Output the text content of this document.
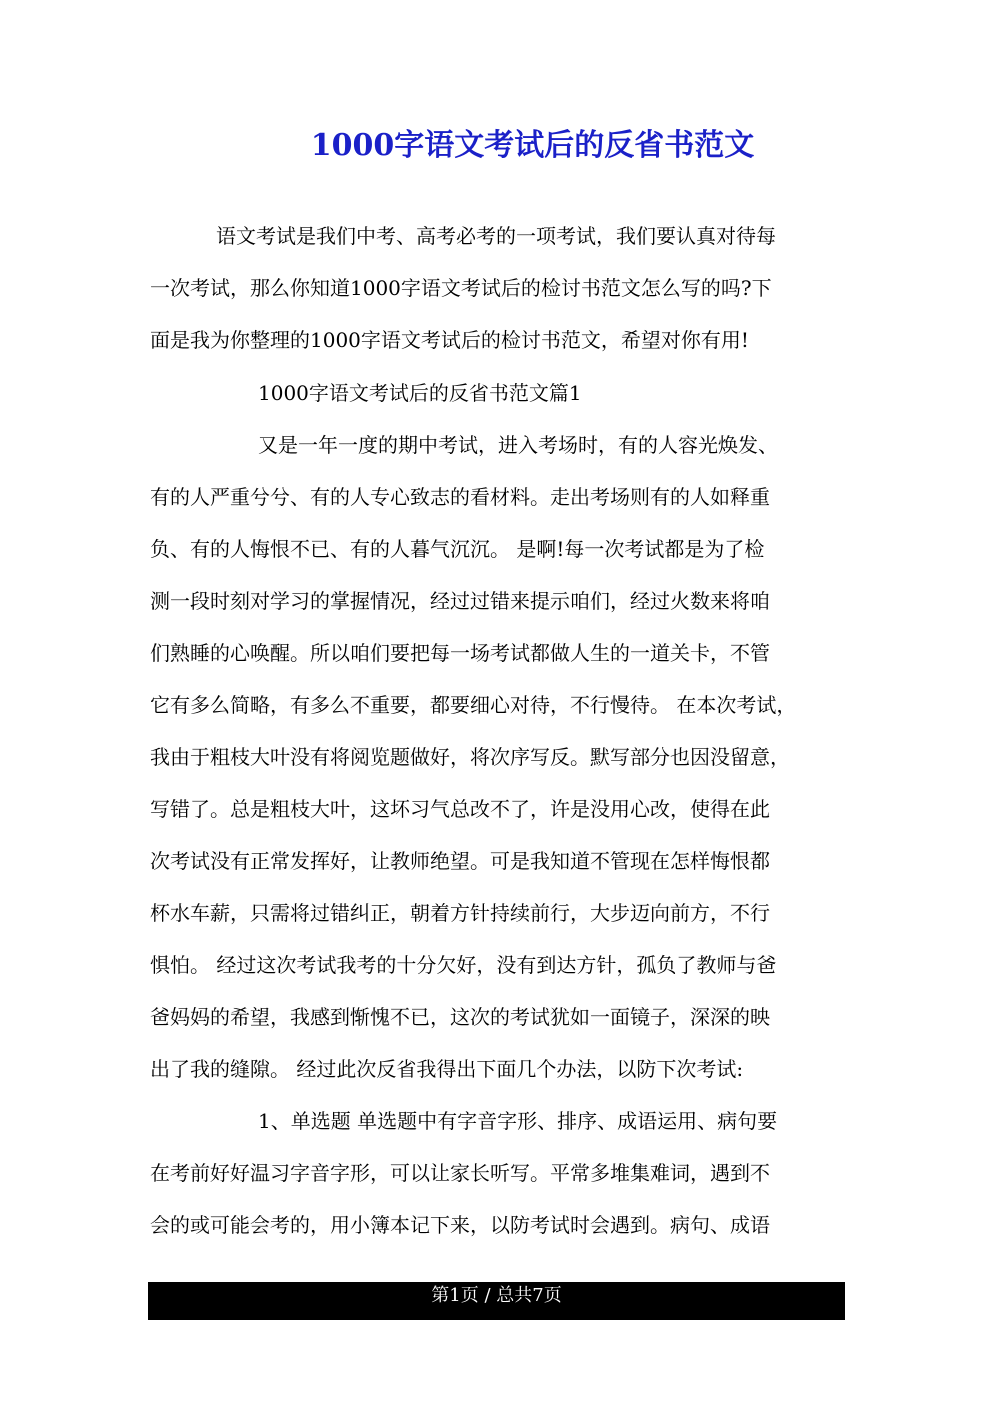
1000字语文考试后的反省书范文
语文考试是我们中考、高考必考的一项考试，我们要认真对待每
一次考试，那么你知道1000字语文考试后的检讨书范文怎么写的吗?下
面是我为你整理的1000字语文考试后的检讨书范文，希望对你有用!
1000字语文考试后的反省书范文篇1
又是一年一度的期中考试，进入考场时，有的人容光焕发、
有的人严重兮兮、有的人专心致志的看材料。走出考场则有的人如释重
负、有的人悔恨不已、有的人暮气沉沉。 是啊!每一次考试都是为了检
测一段时刻对学习的掌握情况，经过过错来提示咱们，经过火数来将咱
们熟睡的心唤醒。所以咱们要把每一场考试都做人生的一道关卡，不管
它有多么简略，有多么不重要，都要细心对待，不行慢待。 在本次考试，
我由于粗枝大叶没有将阅览题做好，将次序写反。默写部分也因没留意，
写错了。总是粗枝大叶，这坏习气总改不了，许是没用心改，使得在此
次考试没有正常发挥好，让教师绝望。可是我知道不管现在怎样悔恨都
杯水车薪，只需将过错纠正，朝着方针持续前行，大步迈向前方，不行
惧怕。 经过这次考试我考的十分欠好，没有到达方针，孤负了教师与爸
爸妈妈的希望，我感到惭愧不已，这次的考试犹如一面镜子，深深的映
出了我的缝隙。 经过此次反省我得出下面几个办法，以防下次考试:
1、单选题 单选题中有字音字形、排序、成语运用、病句要
在考前好好温习字音字形，可以让家长听写。平常多堆集难词，遇到不
会的或可能会考的，用小簿本记下来，以防考试时会遇到。病句、成语
第1页 / 总共7页
